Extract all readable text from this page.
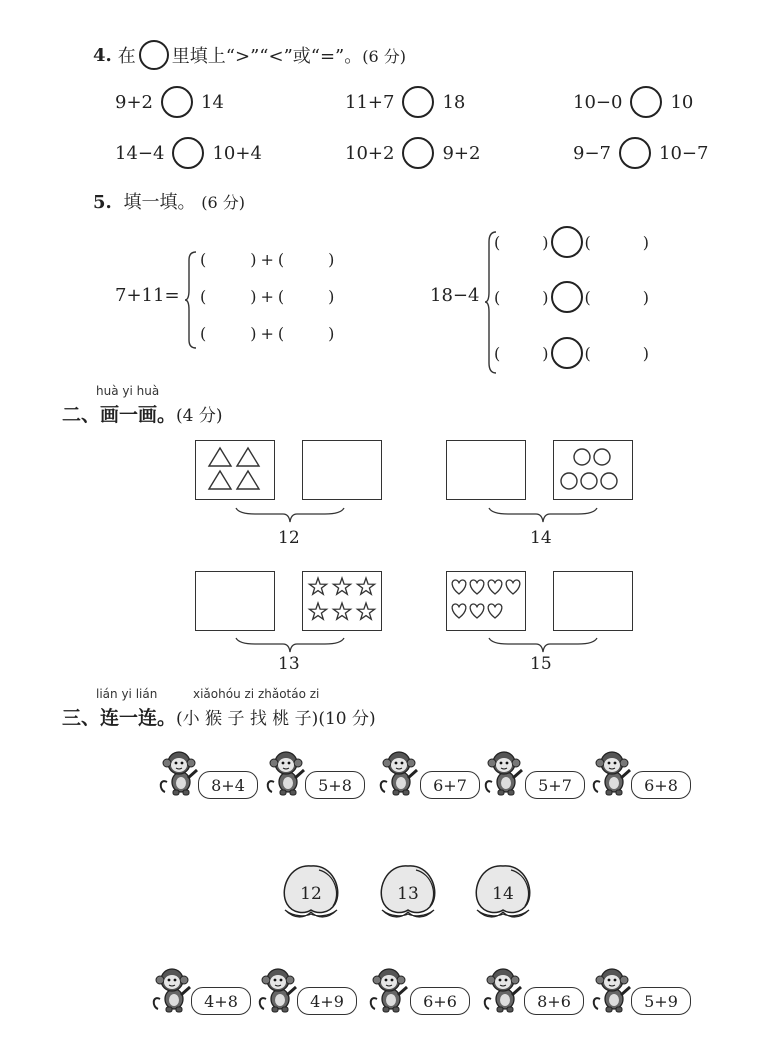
4. 在 里填上“>”“<”或“=”。 (6 分)
9+2	14	11+7	18	10−0	10
14−4	10+4	10+2	9+2	9−7	10−7
5. 填一填。 (6 分)
7+11=
(	) + (	)
(	) + (	)
(	) + (	)
18−4
(	) (	)
(	) (	)
(	) (	)
huà yi huà
二、画一画。(4 分)
12	14
13	15
lián yi lián	xiǎohóu zi zhǎotáo zi
三、连一连。(小 猴 子 找 桃 子)(10 分)
8+4	5+8	6+7	5+7	6+8
12	13	14
4+8	4+9	6+6	8+6	5+9
